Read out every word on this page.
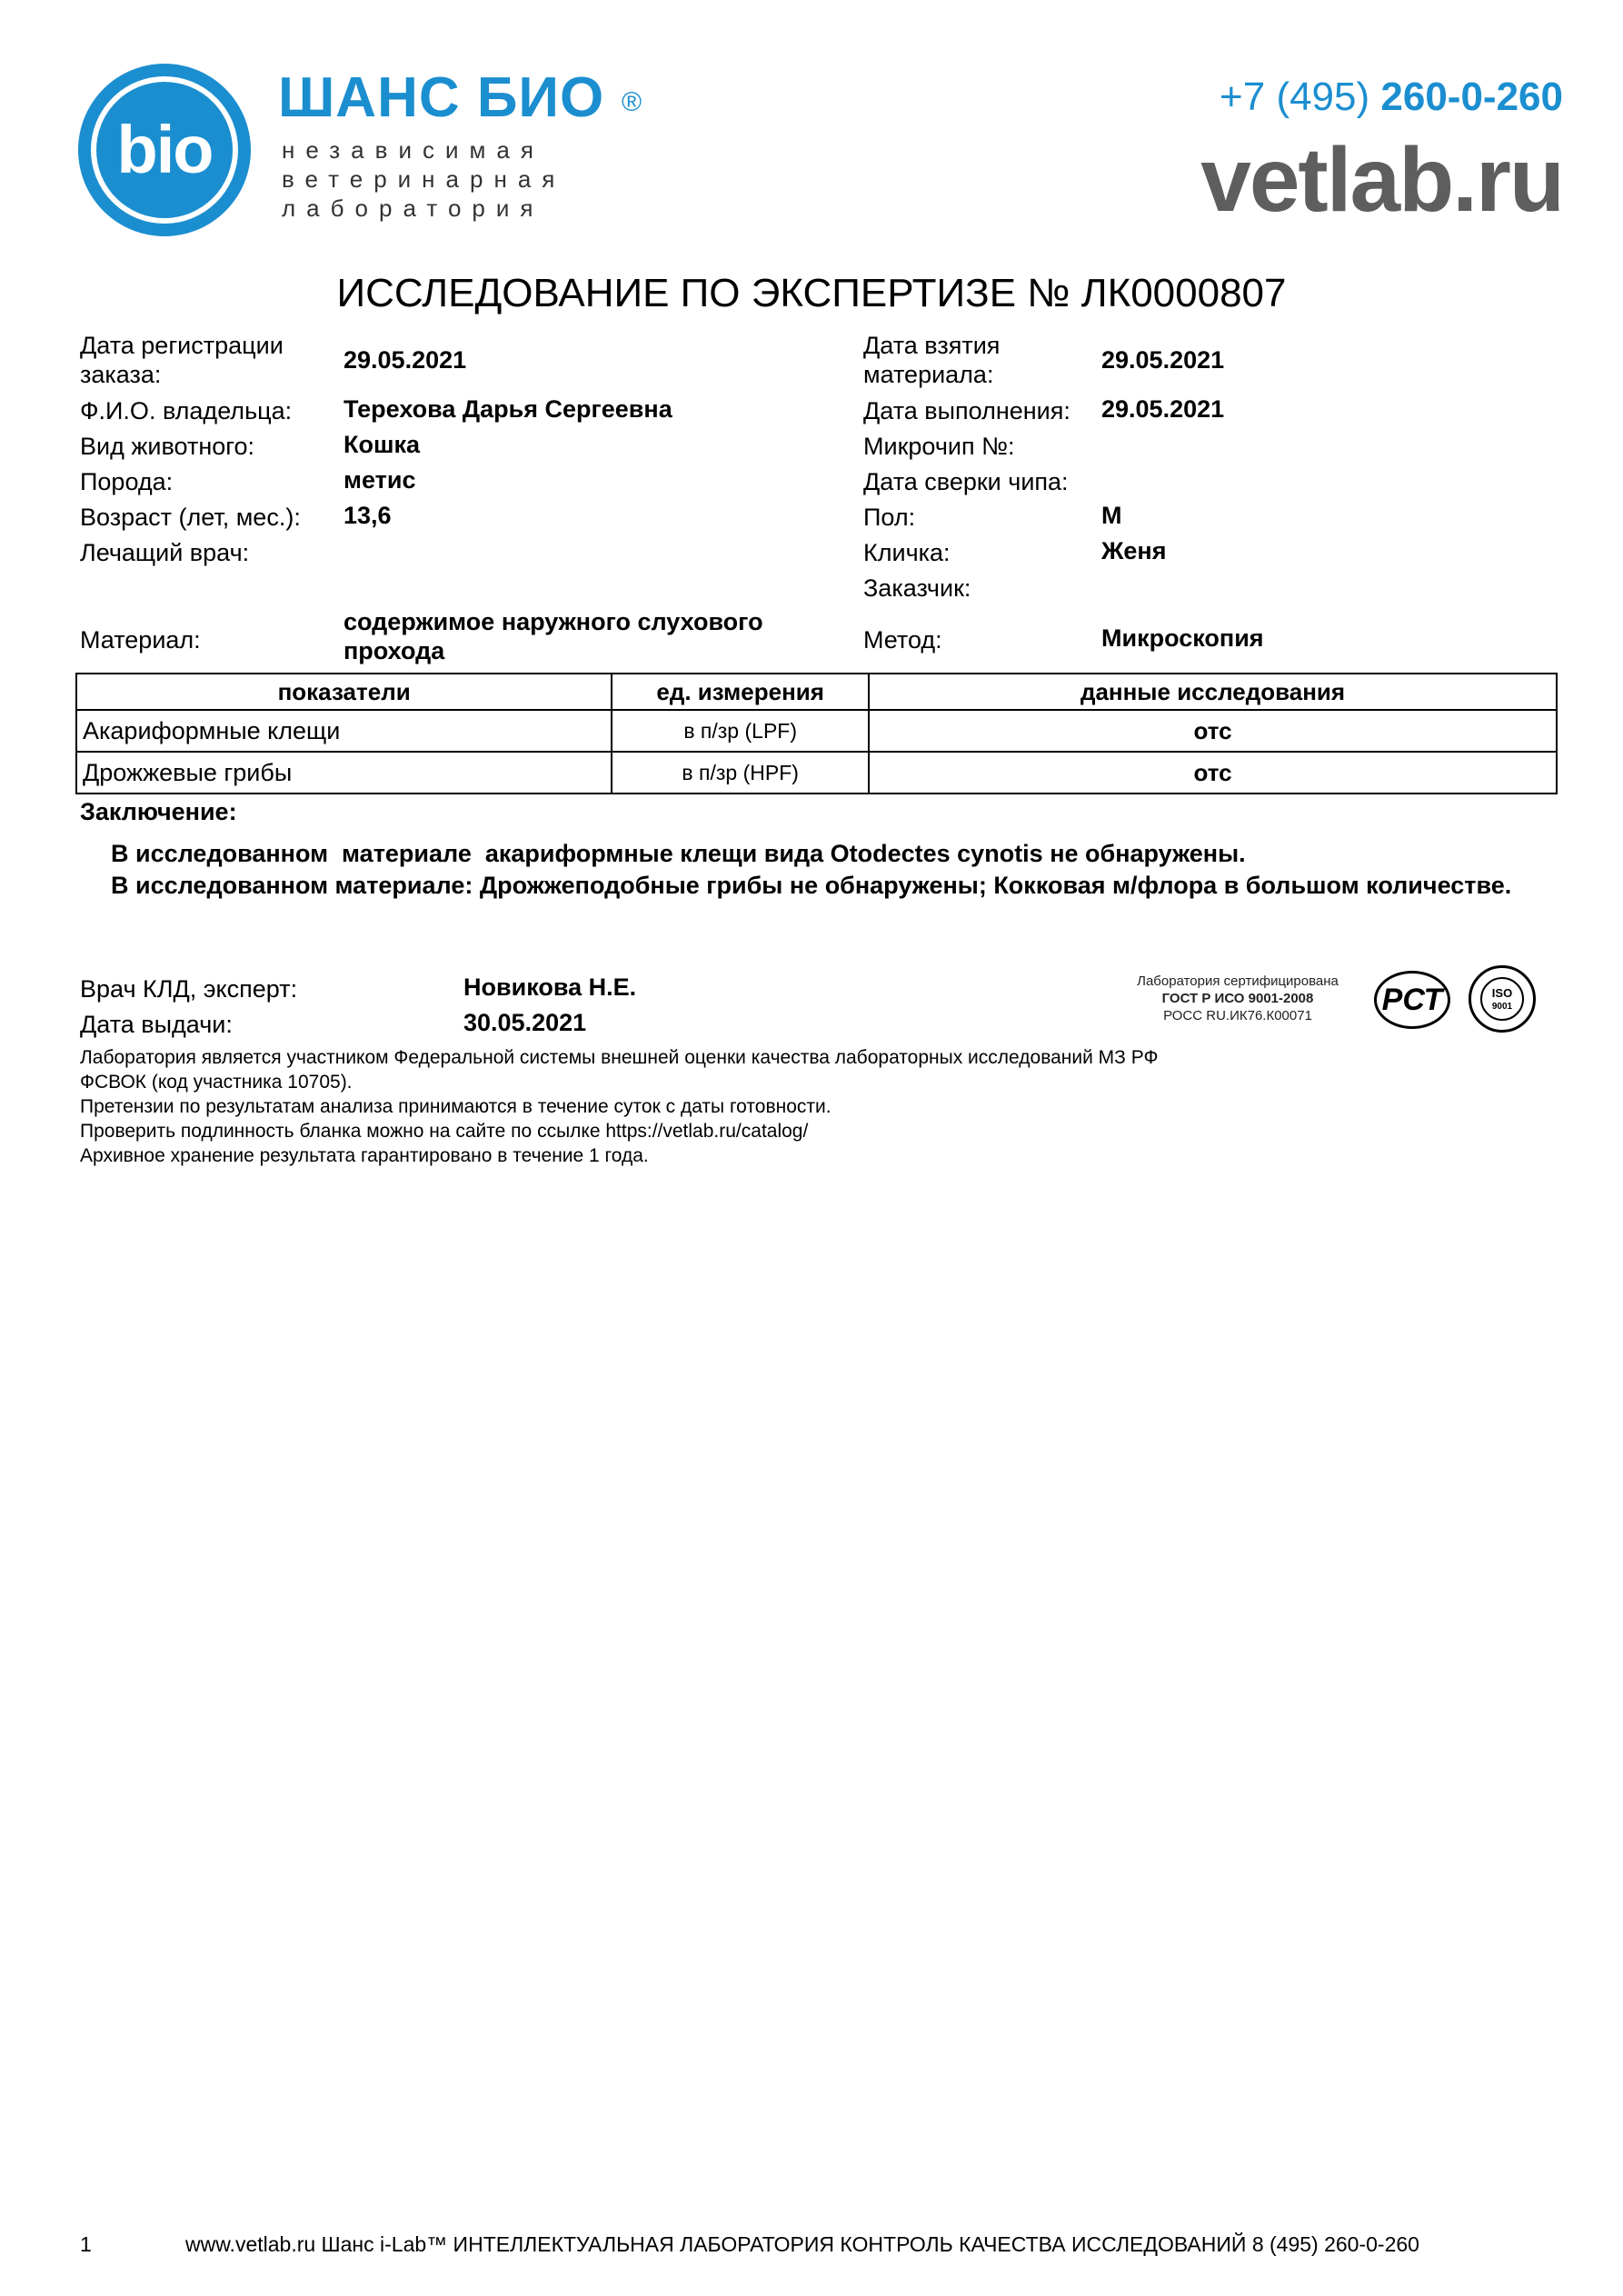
bio
ШАНС БИО ®
независимая
ветеринарная
лаборатория
+7 (495) 260-0-260
vetlab.ru
ИССЛЕДОВАНИЕ ПО ЭКСПЕРТИЗЕ № ЛК0000807
Дата регистрации
заказа:
29.05.2021
Ф.И.О. владельца: Терехова Дарья Сергеевна
Вид животного:	Кошка
Порода:	метис
Возраст (лет, мес.): 13,6
Лечащий врач:
Материал:
содержимое наружного слухового
прохода
Дата взятия
материала:
29.05.2021
Дата выполнения: 29.05.2021
Микрочип №:
Дата сверки чипа:
Пол:	М
Кличка:	Женя
Заказчик:
Метод:	Микроскопия
показатели	ед. измерения	данные исследования
Акариформные клещи	в п/зр (LPF)	отс
Дрожжевые грибы	в п/зр (HPF)	отс
Заключение:
В исследованном  материале  акариформные клещи вида Otodectes cynotis не обнаружены.
В исследованном материале: Дрожжеподобные грибы не обнаружены; Кокковая м/флора в большом количестве.
Врач КЛД, эксперт:	Новикова Н.Е.
Дата выдачи:	30.05.2021
Лаборатория сертифицирована
ГОСТ Р ИСО 9001-2008
РОСС RU.ИК76.К00071	РСТ	ISO
9001
Лаборатория является участником Федеральной системы внешней оценки качества лабораторных исследований МЗ РФ
ФСВОК (код участника 10705).
Претензии по результатам анализа принимаются в течение суток с даты готовности.
Проверить подлинность бланка можно на сайте по ссылке https://vetlab.ru/catalog/
Архивное хранение результата гарантировано в течение 1 года.
1	www.vetlab.ru Шанс i-Lab™ ИНТЕЛЛЕКТУАЛЬНАЯ ЛАБОРАТОРИЯ КОНТРОЛЬ КАЧЕСТВА ИССЛЕДОВАНИЙ 8 (495) 260-0-260
